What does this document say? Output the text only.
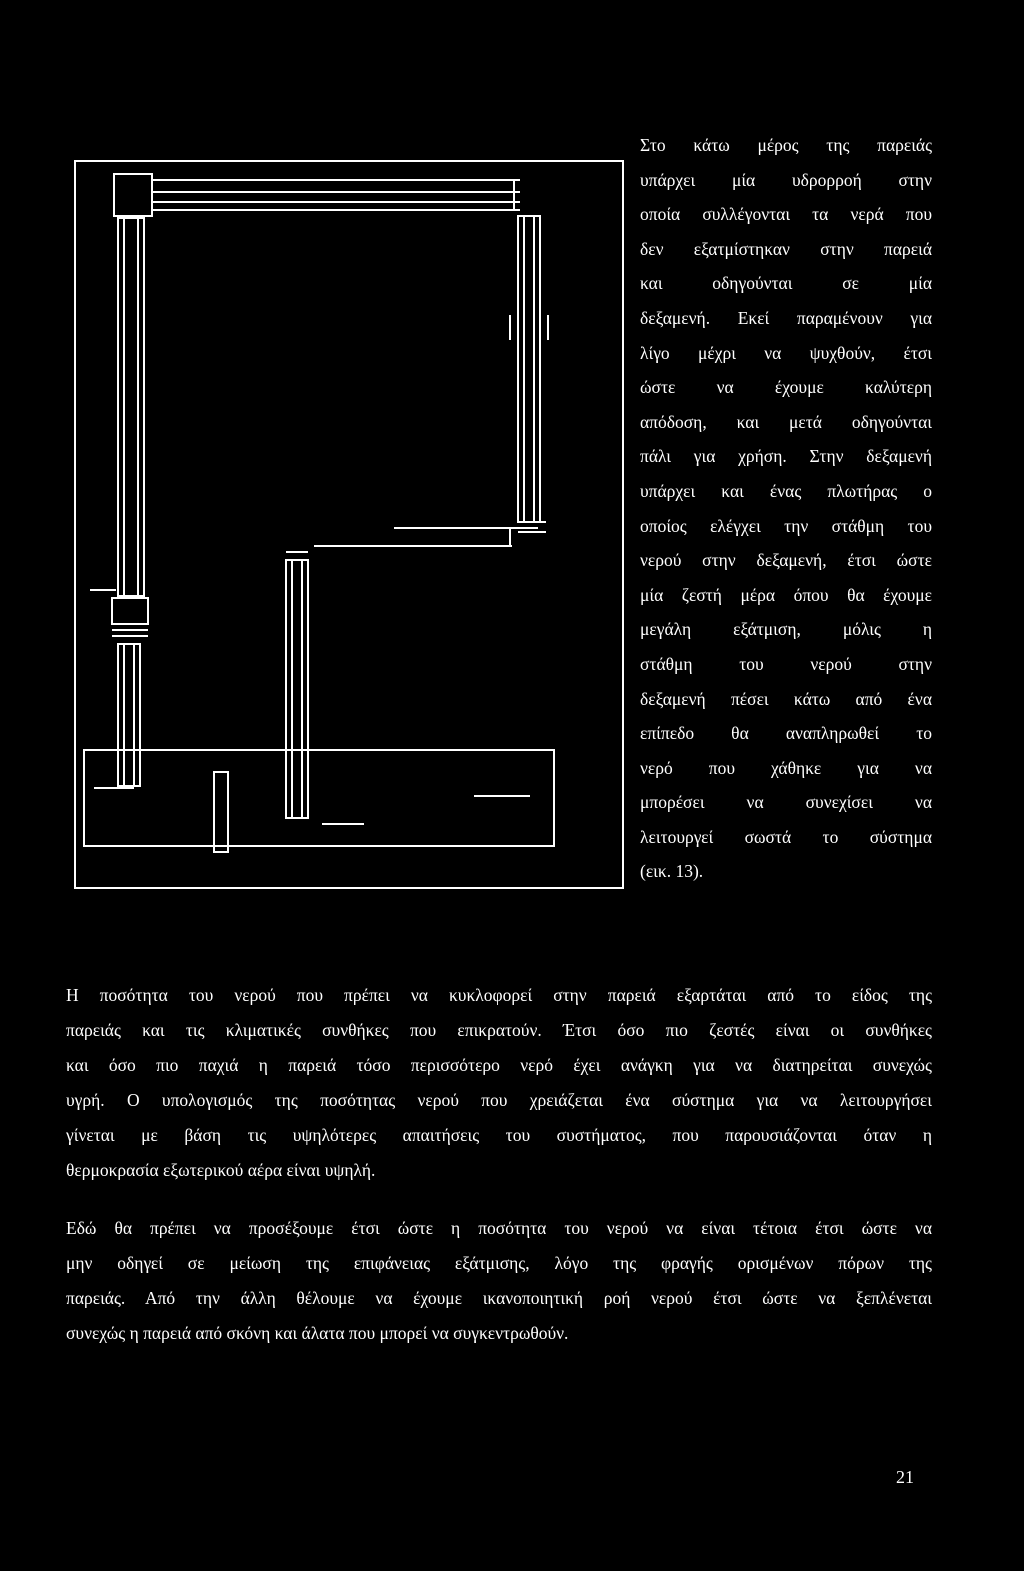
Στο κάτω μέρος της παρειάς
υπάρχει μία υδρορροή στην
οποία συλλέγονται τα νερά που
δεν εξατμίστηκαν στην παρειά
και οδηγούνται σε μία
δεξαμενή. Εκεί παραμένουν για
λίγο μέχρι να ψυχθούν, έτσι
ώστε να έχουμε καλύτερη
απόδοση, και μετά οδηγούνται
πάλι για χρήση. Στην δεξαμενή
υπάρχει και ένας πλωτήρας ο
οποίος ελέγχει την στάθμη του
νερού στην δεξαμενή, έτσι ώστε
μία ζεστή μέρα όπου θα έχουμε
μεγάλη εξάτμιση, μόλις η
στάθμη του νερού στην
δεξαμενή πέσει κάτω από ένα
επίπεδο θα αναπληρωθεί το
νερό που χάθηκε για να
μπορέσει να συνεχίσει να
λειτουργεί σωστά το σύστημα
(εικ. 13).
Η ποσότητα του νερού που πρέπει να κυκλοφορεί στην παρειά εξαρτάται από το είδος της
παρειάς και τις κλιματικές συνθήκες που επικρατούν. Έτσι όσο πιο ζεστές είναι οι συνθήκες
και όσο πιο παχιά η παρειά τόσο περισσότερο νερό έχει ανάγκη για να διατηρείται συνεχώς
υγρή. Ο υπολογισμός της ποσότητας νερού που χρειάζεται ένα σύστημα για να λειτουργήσει
γίνεται με βάση τις υψηλότερες απαιτήσεις του συστήματος, που παρουσιάζονται όταν η
θερμοκρασία εξωτερικού αέρα είναι υψηλή.
Εδώ θα πρέπει να προσέξουμε έτσι ώστε η ποσότητα του νερού να είναι τέτοια έτσι ώστε να
μην οδηγεί σε μείωση της επιφάνειας εξάτμισης, λόγο της φραγής ορισμένων πόρων της
παρειάς. Από την άλλη θέλουμε να έχουμε ικανοποιητική ροή νερού έτσι ώστε να ξεπλένεται
συνεχώς η παρειά από σκόνη και άλατα που μπορεί να συγκεντρωθούν.
21
